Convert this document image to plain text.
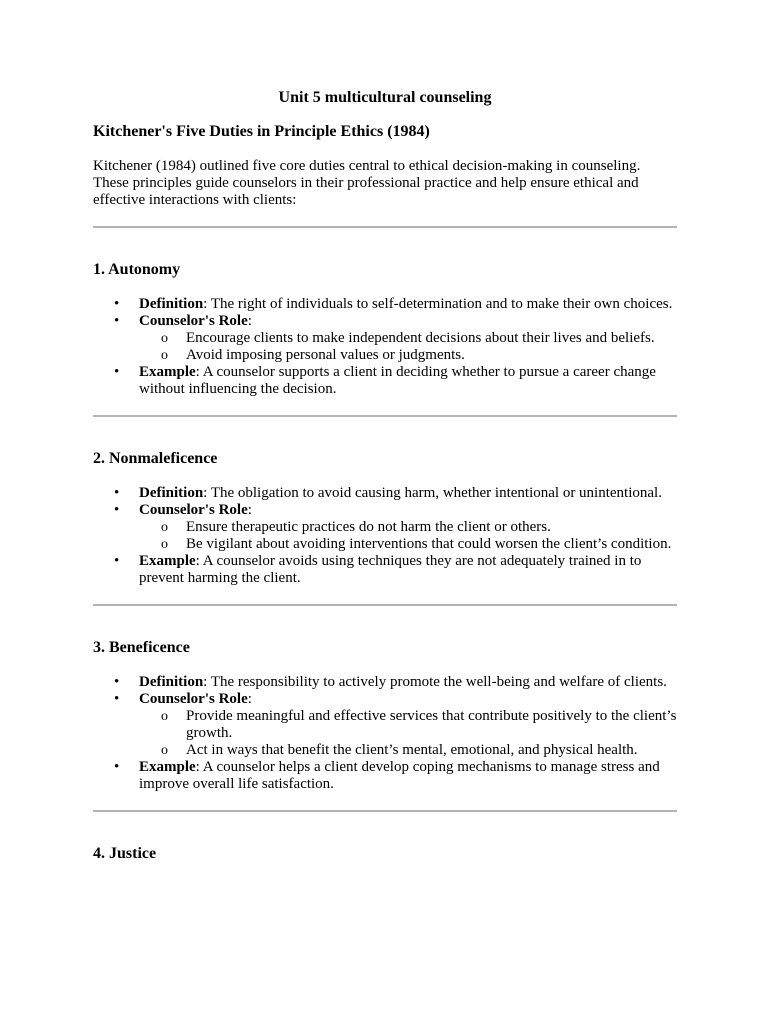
Unit 5 multicultural counseling

Kitchener's Five Duties in Principle Ethics (1984)

Kitchener (1984) outlined five core duties central to ethical decision-making in counseling. These principles guide counselors in their professional practice and help ensure ethical and effective interactions with clients:

1. Autonomy
• Definition: The right of individuals to self-determination and to make their own choices.
• Counselor's Role:
o Encourage clients to make independent decisions about their lives and beliefs.
o Avoid imposing personal values or judgments.
• Example: A counselor supports a client in deciding whether to pursue a career change without influencing the decision.
2. Nonmaleficence
• Definition: The obligation to avoid causing harm, whether intentional or unintentional.
• Counselor's Role:
o Ensure therapeutic practices do not harm the client or others.
o Be vigilant about avoiding interventions that could worsen the client’s condition.
• Example: A counselor avoids using techniques they are not adequately trained in to prevent harming the client.
3. Beneficence
• Definition: The responsibility to actively promote the well-being and welfare of clients.
• Counselor's Role:
o Provide meaningful and effective services that contribute positively to the client’s growth.
o Act in ways that benefit the client’s mental, emotional, and physical health.
• Example: A counselor helps a client develop coping mechanisms to manage stress and improve overall life satisfaction.
4. Justice
